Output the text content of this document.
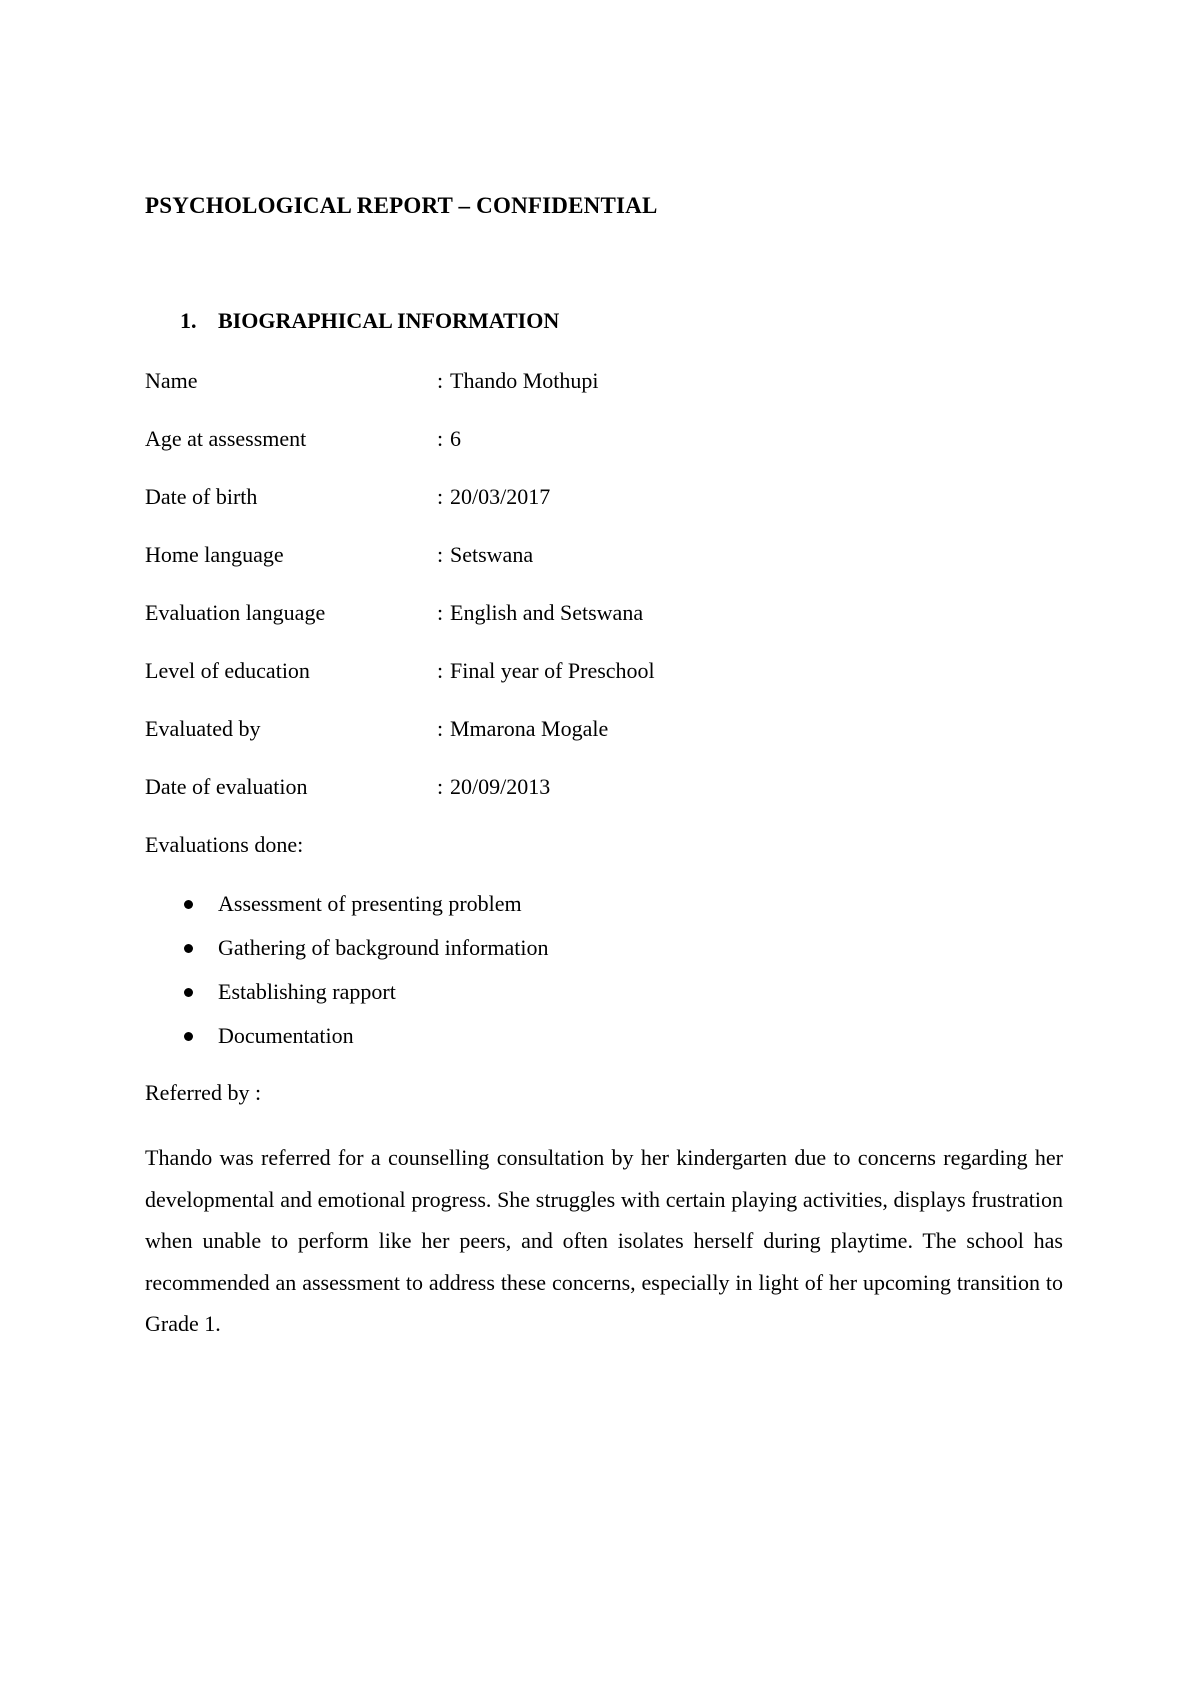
PSYCHOLOGICAL REPORT – CONFIDENTIAL
1. BIOGRAPHICAL INFORMATION
Name	: Thando Mothupi
Age at assessment	: 6
Date of birth	: 20/03/2017
Home language	: Setswana
Evaluation language	: English and Setswana
Level of education	: Final year of Preschool
Evaluated by	: Mmarona Mogale
Date of evaluation	: 20/09/2013
Evaluations done:
Assessment of presenting problem
Gathering of background information
Establishing rapport
Documentation
Referred by :

Thando was referred for a counselling consultation by her kindergarten due to concerns regarding her developmental and emotional progress. She struggles with certain playing activities, displays frustration when unable to perform like her peers, and often isolates herself during playtime. The school has recommended an assessment to address these concerns, especially in light of her upcoming transition to Grade 1.
